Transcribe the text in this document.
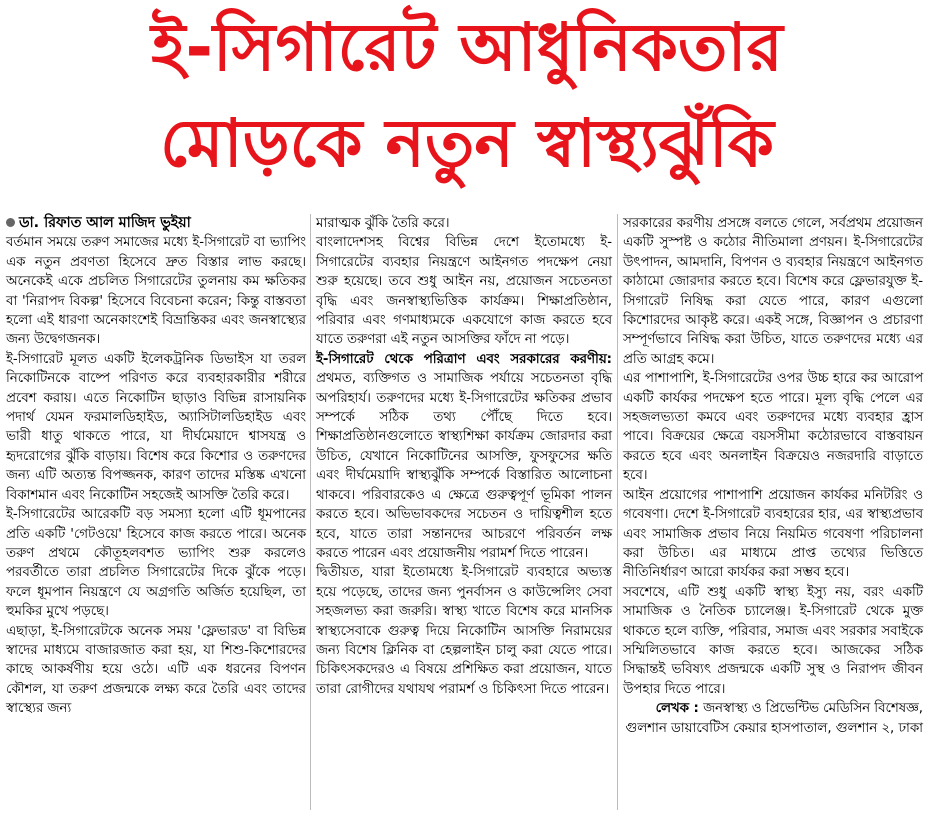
ই-সিগারেট আধুনিকতার
মোড়কে নতুন স্বাস্থ্যঝুঁকি

ডা. রিফাত আল মাজিদ ভুইয়া

বর্তমান সময়ে তরুণ সমাজের মধ্যে ই-সিগারেট বা ভ্যাপিং এক নতুন প্রবণতা হিসেবে দ্রুত বিস্তার লাভ করছে। অনেকেই একে প্রচলিত সিগারেটের তুলনায় কম ক্ষতিকর বা 'নিরাপদ বিকল্প' হিসেবে বিবেচনা করেন; কিন্তু বাস্তবতা হলো এই ধারণা অনেকাংশেই বিভ্রান্তিকর এবং জনস্বাস্থ্যের জন্য উদ্বেগজনক।

ই-সিগারেট মূলত একটি ইলেকট্রনিক ডিভাইস যা তরল নিকোটিনকে বাষ্পে পরিণত করে ব্যবহারকারীর শরীরে প্রবেশ করায়। এতে নিকোটিন ছাড়াও বিভিন্ন রাসায়নিক পদার্থ যেমন ফরমালডিহাইড, অ্যাসিটালডিহাইড এবং ভারী ধাতু থাকতে পারে, যা দীর্ঘমেয়াদে শ্বাসযন্ত্র ও হৃদরোগের ঝুঁকি বাড়ায়। বিশেষ করে কিশোর ও তরুণদের জন্য এটি অত্যন্ত বিপজ্জনক, কারণ তাদের মস্তিষ্ক এখনো বিকাশমান এবং নিকোটিন সহজেই আসক্তি তৈরি করে।

ই-সিগারেটের আরেকটি বড় সমস্যা হলো এটি ধূমপানের প্রতি একটি 'গেটওয়ে' হিসেবে কাজ করতে পারে। অনেক তরুণ প্রথমে কৌতূহলবশত ভ্যাপিং শুরু করলেও পরবর্তীতে তারা প্রচলিত সিগারেটের দিকে ঝুঁকে পড়ে। ফলে ধূমপান নিয়ন্ত্রণে যে অগ্রগতি অর্জিত হয়েছিল, তা হুমকির মুখে পড়ছে।

এছাড়া, ই-সিগারেটকে অনেক সময় 'ফ্লেভারড' বা বিভিন্ন স্বাদের মাধ্যমে বাজারজাত করা হয়, যা শিশু-কিশোরদের কাছে আকর্ষণীয় হয়ে ওঠে। এটি এক ধরনের বিপণন কৌশল, যা তরুণ প্রজন্মকে লক্ষ্য করে তৈরি এবং তাদের স্বাস্থ্যের জন্য

মারাত্মক ঝুঁকি তৈরি করে।

বাংলাদেশসহ বিশ্বের বিভিন্ন দেশে ইতোমধ্যে ই-সিগারেটের ব্যবহার নিয়ন্ত্রণে আইনগত পদক্ষেপ নেয়া শুরু হয়েছে। তবে শুধু আইন নয়, প্রয়োজন সচেতনতা বৃদ্ধি এবং জনস্বাস্থ্যভিত্তিক কার্যক্রম। শিক্ষাপ্রতিষ্ঠান, পরিবার এবং গণমাধ্যমকে একযোগে কাজ করতে হবে যাতে তরুণরা এই নতুন আসক্তির ফাঁদে না পড়ে।

ই-সিগারেট থেকে পরিত্রাণ এবং সরকারের করণীয়: প্রথমত, ব্যক্তিগত ও সামাজিক পর্যায়ে সচেতনতা বৃদ্ধি অপরিহার্য। তরুণদের মধ্যে ই-সিগারেটের ক্ষতিকর প্রভাব সম্পর্কে সঠিক তথ্য পৌঁছে দিতে হবে। শিক্ষাপ্রতিষ্ঠানগুলোতে স্বাস্থ্যশিক্ষা কার্যক্রম জোরদার করা উচিত, যেখানে নিকোটিনের আসক্তি, ফুসফুসের ক্ষতি এবং দীর্ঘমেয়াদি স্বাস্থ্যঝুঁকি সম্পর্কে বিস্তারিত আলোচনা থাকবে। পরিবারকেও এ ক্ষেত্রে গুরুত্বপূর্ণ ভূমিকা পালন করতে হবে। অভিভাবকদের সচেতন ও দায়িত্বশীল হতে হবে, যাতে তারা সন্তানদের আচরণে পরিবর্তন লক্ষ করতে পারেন এবং প্রয়োজনীয় পরামর্শ দিতে পারেন।

দ্বিতীয়ত, যারা ইতোমধ্যে ই-সিগারেট ব্যবহারে অভ্যস্ত হয়ে পড়েছে, তাদের জন্য পুনর্বাসন ও কাউন্সেলিং সেবা সহজলভ্য করা জরুরি। স্বাস্থ্য খাতে বিশেষ করে মানসিক স্বাস্থ্যসেবাকে গুরুত্ব দিয়ে নিকোটিন আসক্তি নিরাময়ের জন্য বিশেষ ক্লিনিক বা হেল্পলাইন চালু করা যেতে পারে। চিকিৎসকদেরও এ বিষয়ে প্রশিক্ষিত করা প্রয়োজন, যাতে তারা রোগীদের যথাযথ পরামর্শ ও চিকিৎসা দিতে পারেন।

সরকারের করণীয় প্রসঙ্গে বলতে গেলে, সর্বপ্রথম প্রয়োজন একটি সুস্পষ্ট ও কঠোর নীতিমালা প্রণয়ন। ই-সিগারেটের উৎপাদন, আমদানি, বিপণন ও ব্যবহার নিয়ন্ত্রণে আইনগত কাঠামো জোরদার করতে হবে। বিশেষ করে ফ্লেভারযুক্ত ই-সিগারেট নিষিদ্ধ করা যেতে পারে, কারণ এগুলো কিশোরদের আকৃষ্ট করে। একই সঙ্গে, বিজ্ঞাপন ও প্রচারণা সম্পূর্ণভাবে নিষিদ্ধ করা উচিত, যাতে তরুণদের মধ্যে এর প্রতি আগ্রহ কমে।

এর পাশাপাশি, ই-সিগারেটের ওপর উচ্চ হারে কর আরোপ একটি কার্যকর পদক্ষেপ হতে পারে। মূল্য বৃদ্ধি পেলে এর সহজলভ্যতা কমবে এবং তরুণদের মধ্যে ব্যবহার হ্রাস পাবে। বিক্রয়ের ক্ষেত্রে বয়সসীমা কঠোরভাবে বাস্তবায়ন করতে হবে এবং অনলাইন বিক্রয়েও নজরদারি বাড়াতে হবে।

আইন প্রয়োগের পাশাপাশি প্রয়োজন কার্যকর মনিটরিং ও গবেষণা। দেশে ই-সিগারেট ব্যবহারের হার, এর স্বাস্থ্যপ্রভাব এবং সামাজিক প্রভাব নিয়ে নিয়মিত গবেষণা পরিচালনা করা উচিত। এর মাধ্যমে প্রাপ্ত তথ্যের ভিত্তিতে নীতিনির্ধারণ আরো কার্যকর করা সম্ভব হবে।

সবশেষে, এটি শুধু একটি স্বাস্থ্য ইস্যু নয়, বরং একটি সামাজিক ও নৈতিক চ্যালেঞ্জ। ই-সিগারেট থেকে মুক্ত থাকতে হলে ব্যক্তি, পরিবার, সমাজ এবং সরকার সবাইকে সম্মিলিতভাবে কাজ করতে হবে। আজকের সঠিক সিদ্ধান্তই ভবিষ্যৎ প্রজন্মকে একটি সুস্থ ও নিরাপদ জীবন উপহার দিতে পারে।

লেখক : জনস্বাস্থ্য ও প্রিভেন্টিভ মেডিসিন বিশেষজ্ঞ, গুলশান ডায়াবেটিস কেয়ার হাসপাতাল, গুলশান ২, ঢাকা
